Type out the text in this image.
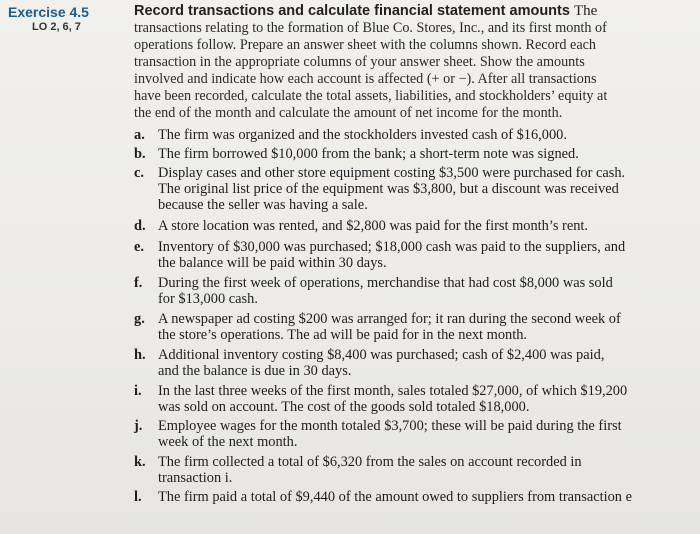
Exercise 4.5
LO 2, 6, 7
Record transactions and calculate financial statement amounts The
transactions relating to the formation of Blue Co. Stores, Inc., and its first month of
operations follow. Prepare an answer sheet with the columns shown. Record each
transaction in the appropriate columns of your answer sheet. Show the amounts
involved and indicate how each account is affected (+ or −). After all transactions
have been recorded, calculate the total assets, liabilities, and stockholders’ equity at
the end of the month and calculate the amount of net income for the month.
a. The firm was organized and the stockholders invested cash of $16,000.
b. The firm borrowed $10,000 from the bank; a short-term note was signed.
c. Display cases and other store equipment costing $3,500 were purchased for cash.
The original list price of the equipment was $3,800, but a discount was received
because the seller was having a sale.
d. A store location was rented, and $2,800 was paid for the first month’s rent.
e. Inventory of $30,000 was purchased; $18,000 cash was paid to the suppliers, and
the balance will be paid within 30 days.
f. During the first week of operations, merchandise that had cost $8,000 was sold
for $13,000 cash.
g. A newspaper ad costing $200 was arranged for; it ran during the second week of
the store’s operations. The ad will be paid for in the next month.
h. Additional inventory costing $8,400 was purchased; cash of $2,400 was paid,
and the balance is due in 30 days.
i. In the last three weeks of the first month, sales totaled $27,000, of which $19,200
was sold on account. The cost of the goods sold totaled $18,000.
j. Employee wages for the month totaled $3,700; these will be paid during the first
week of the next month.
k. The firm collected a total of $6,320 from the sales on account recorded in
transaction i.
l. The firm paid a total of $9,440 of the amount owed to suppliers from transaction e
